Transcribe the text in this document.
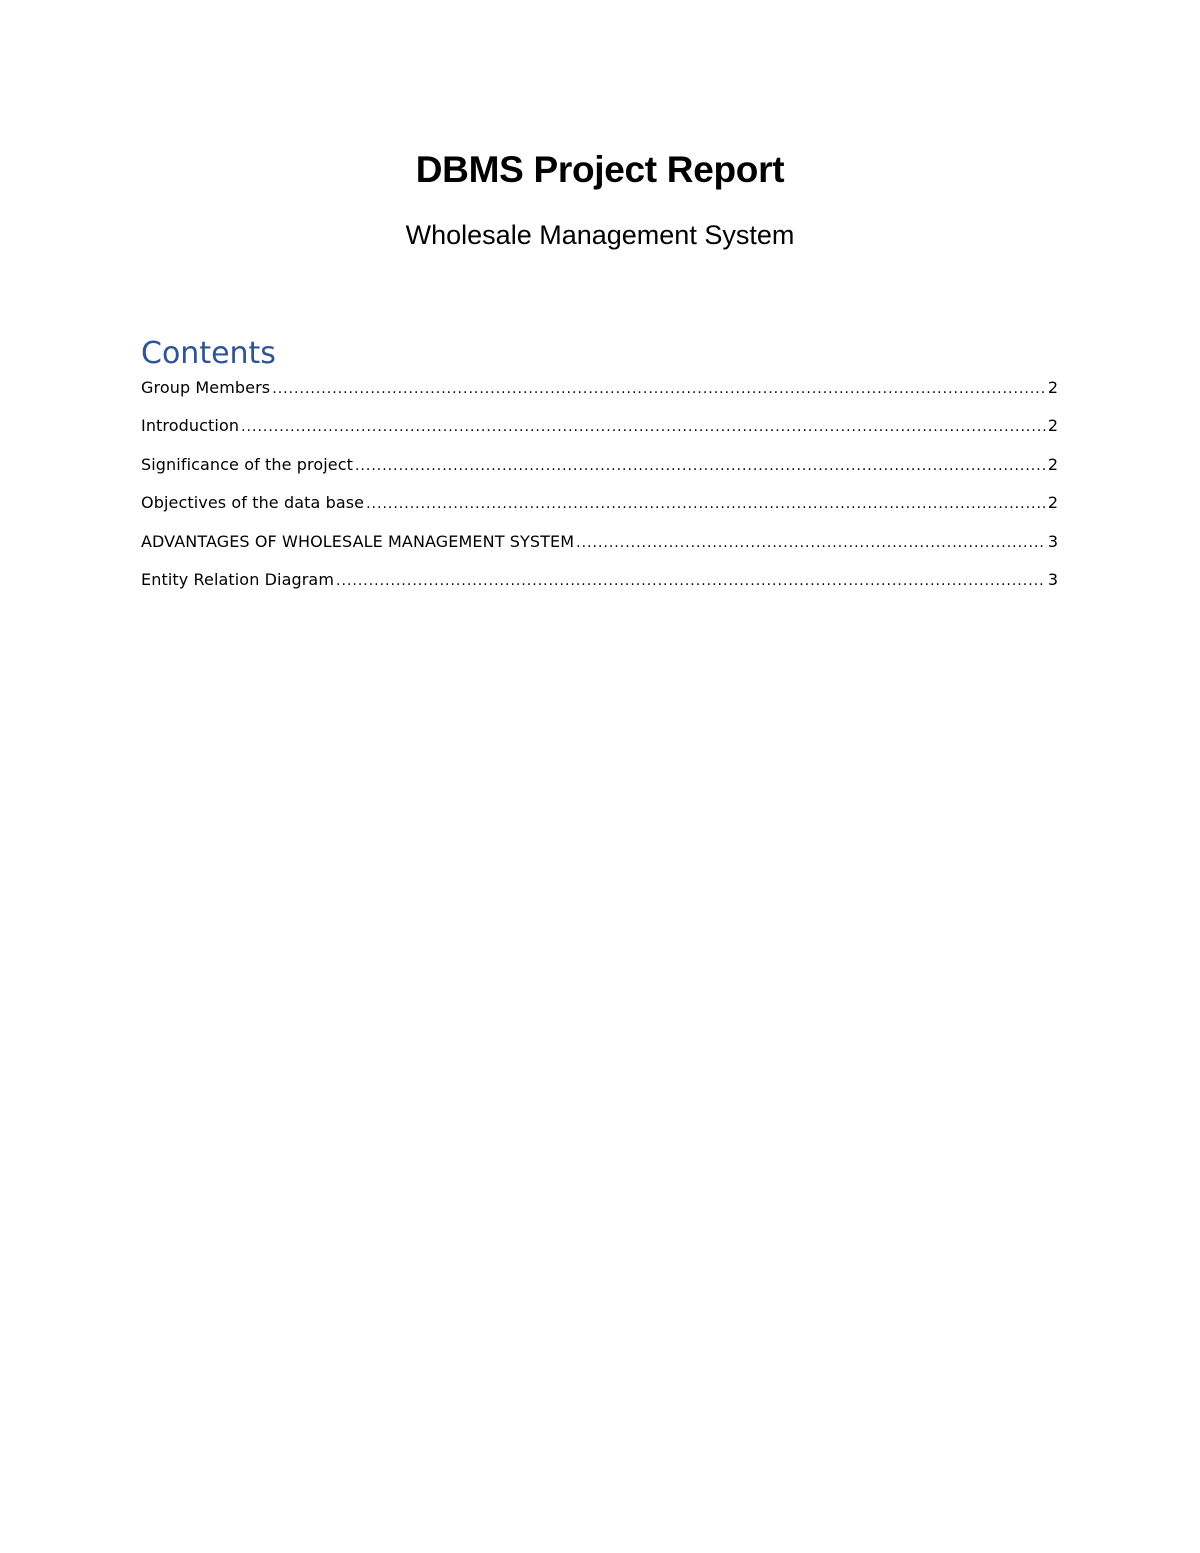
DBMS Project Report
Wholesale Management System
Contents
Group Members .....	2
Introduction .....	2
Significance of the project .....	2
Objectives of the data base .....	2
ADVANTAGES OF WHOLESALE MANAGEMENT SYSTEM .....	3
Entity Relation Diagram .....	3
